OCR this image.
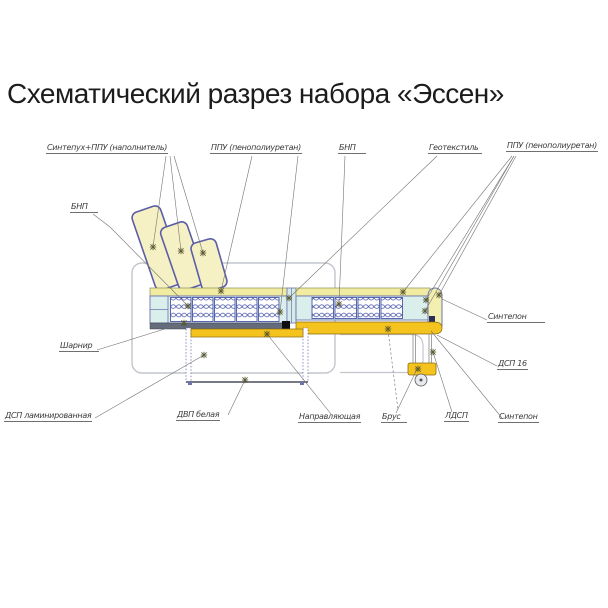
Схематический разрез набора «Эссен»
Синтепух+ППУ (наполнитель)	ППУ (пенополиуретан)	БНП	Геотекстиль	ППУ (пенополиуретан)
БНП
Шарнир
ДСП ламинированная	ДВП белая	Направляющая	Брус	ЛДСП	Синтепон
ДСП 16
Синтепон
